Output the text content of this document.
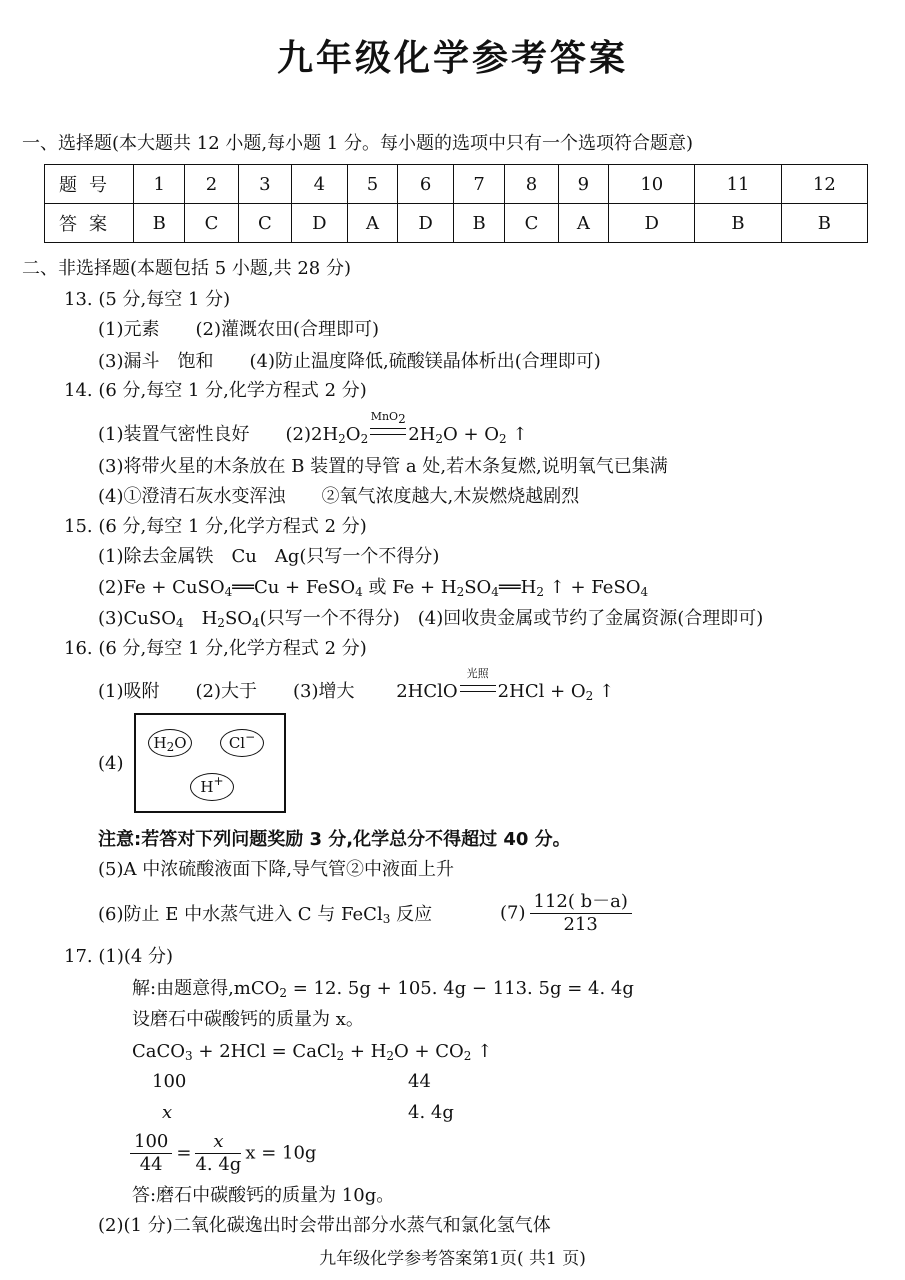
九年级化学参考答案
一、选择题(本大题共 12 小题,每小题 1 分。每小题的选项中只有一个选项符合题意)
题号	1	2	3	4	5	6	7	8	9	10	11	12
答案	B	C	C	D	A	D	B	C	A	D	B	B
二、非选择题(本题包括 5 小题,共 28 分)
13. (5 分,每空 1 分)
(1)元素　　(2)灌溉农田(合理即可)
(3)漏斗　饱和　　(4)防止温度降低,硫酸镁晶体析出(合理即可)
14. (6 分,每空 1 分,化学方程式 2 分)
(1)装置气密性良好　　$(2)2H_2O_2$
MnO$_2$
$2H_2O + O_2$ ↑
(3)将带火星的木条放在 B 装置的导管 a 处,若木条复燃,说明氧气已集满
(4)①澄清石灰水变浑浊　　②氧气浓度越大,木炭燃烧越剧烈
15. (6 分,每空 1 分,化学方程式 2 分)
(1)除去金属铁　Cu　Ag(只写一个不得分)
(2)Fe + CuSO$_4$══Cu + FeSO$_4$ 或 $Fe + H_2SO_4══H_2$ ↑ + FeSO$_4$
(3)CuSO$_4$　$H_2SO_4$(只写一个不得分)　 (4)回收贵金属或节约了金属资源(合理即可)
16. (6 分,每空 1 分,化学方程式 2 分)
(1)吸附　　(2)大于　　(3)增大　　 2HClO
光照
$2HCl + O_2$ ↑
(4)
$H_2O$	Cl−
H+
注意:若答对下列问题奖励 3 分,化学总分不得超过 40 分。
(5)A 中浓硫酸液面下降,导气管②中液面上升
(6)防止 E 中水蒸气进入 C 与 FeCl$_3$ 反应	$(7) \frac{112( b-a)}{213}$
17. (1)(4 分)
解:由题意得,mCO$_2$ = 12. 5g + 105. 4g − 113. 5g = 4. 4g
设磨石中碳酸钙的质量为 x。
CaCO$_3$ + 2HCl = CaCl$_2$ + $H_2O + CO_2$ ↑
100	44
x	4. 4g
$\frac{100}{44} = \frac{x}{4. 4g}$ x = 10g
答:磨石中碳酸钙的质量为 10g。
(2)(1 分)二氧化碳逸出时会带出部分水蒸气和氯化氢气体
九年级化学参考答案第1页( 共1 页)
